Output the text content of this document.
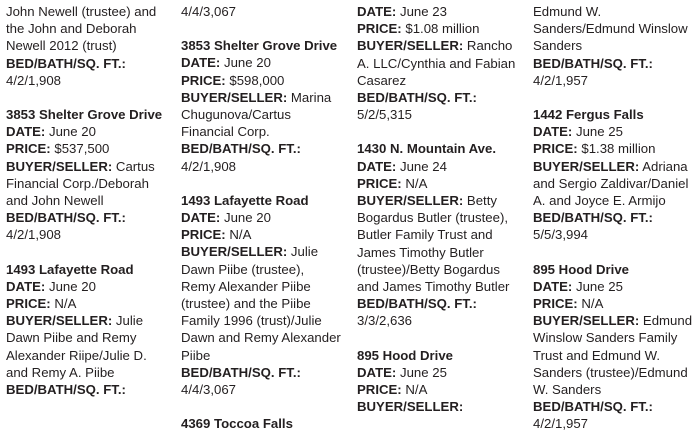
John Newell (trustee) and the John and Deborah Newell 2012 (trust)
BED/BATH/SQ. FT.:
4/2/1,908
3853 Shelter Grove Drive
DATE: June 20
PRICE: $537,500
BUYER/SELLER: Cartus Financial Corp./Deborah and John Newell
BED/BATH/SQ. FT.:
4/2/1,908
1493 Lafayette Road
DATE: June 20
PRICE: N/A
BUYER/SELLER: Julie Dawn Piibe and Remy Alexander Riipe/Julie D. and Remy A. Piibe
BED/BATH/SQ. FT.:
4/4/3,067
3853 Shelter Grove Drive
DATE: June 20
PRICE: $598,000
BUYER/SELLER: Marina Chugunova/Cartus Financial Corp.
BED/BATH/SQ. FT.:
4/2/1,908
1493 Lafayette Road
DATE: June 20
PRICE: N/A
BUYER/SELLER: Julie Dawn Piibe (trustee), Remy Alexander Piibe (trustee) and the Piibe Family 1996 (trust)/Julie Dawn and Remy Alexander Piibe
BED/BATH/SQ. FT.:
4/4/3,067
4369 Toccoa Falls
DATE: June 23
PRICE: $1.08 million
BUYER/SELLER: Rancho A. LLC/Cynthia and Fabian Casarez
BED/BATH/SQ. FT.:
5/2/5,315
1430 N. Mountain Ave.
DATE: June 24
PRICE: N/A
BUYER/SELLER: Betty Bogardus Butler (trustee), Butler Family Trust and James Timothy Butler (trustee)/Betty Bogardus and James Timothy Butler
BED/BATH/SQ. FT.:
3/3/2,636
895 Hood Drive
DATE: June 25
PRICE: N/A
BUYER/SELLER:
Edmund W. Sanders/Edmund Winslow Sanders
BED/BATH/SQ. FT.:
4/2/1,957
1442 Fergus Falls
DATE: June 25
PRICE: $1.38 million
BUYER/SELLER: Adriana and Sergio Zaldivar/Daniel A. and Joyce E. Armijo
BED/BATH/SQ. FT.:
5/5/3,994
895 Hood Drive
DATE: June 25
PRICE: N/A
BUYER/SELLER: Edmund Winslow Sanders Family Trust and Edmund W. Sanders (trustee)/Edmund W. Sanders
BED/BATH/SQ. FT.:
4/2/1,957
